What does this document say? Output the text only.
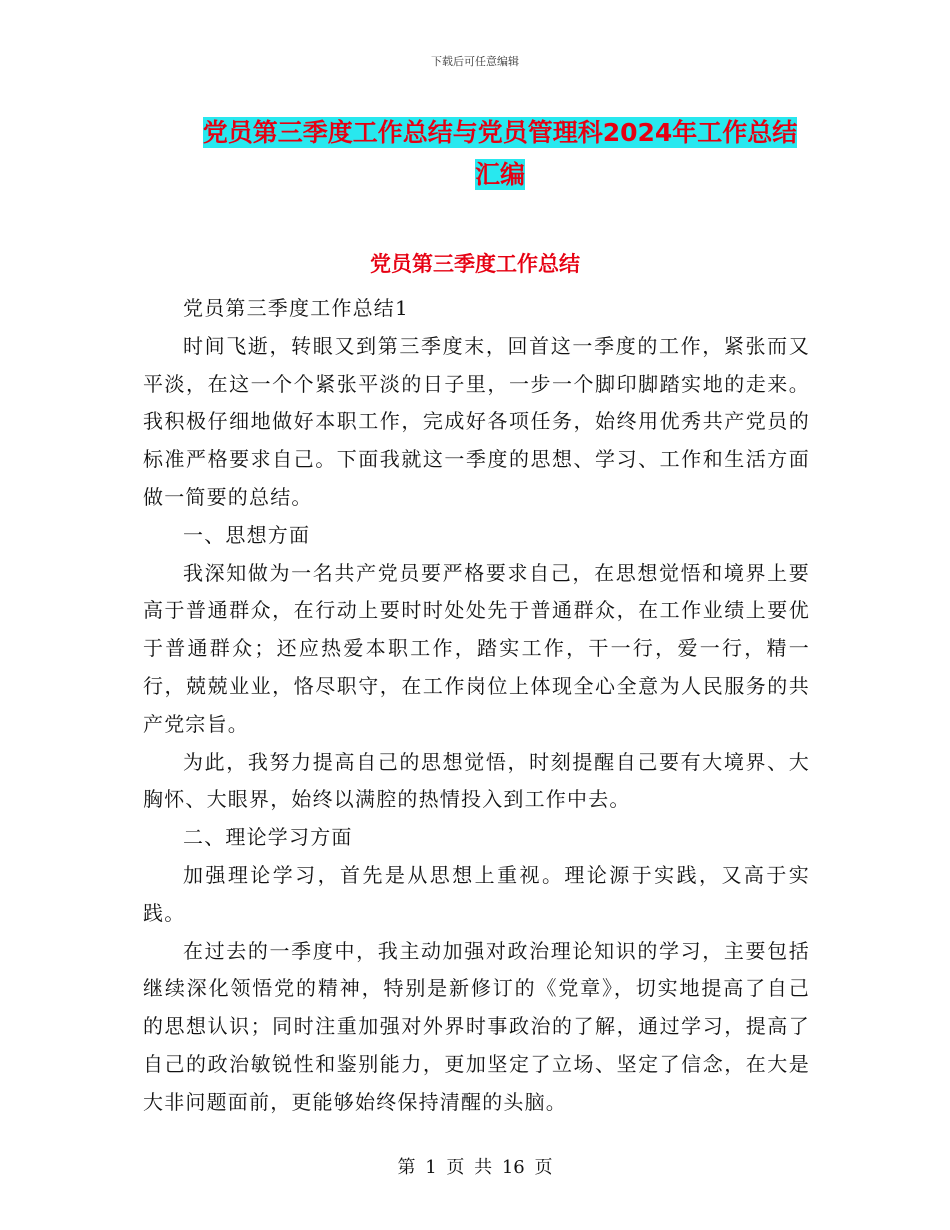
下载后可任意编辑
党员第三季度工作总结与党员管理科2024年工作总结
汇编
党员第三季度工作总结

党员第三季度工作总结1

时间飞逝，转眼又到第三季度末，回首这一季度的工作，紧张而又平淡，在这一个个紧张平淡的日子里，一步一个脚印脚踏实地的走来。我积极仔细地做好本职工作，完成好各项任务，始终用优秀共产党员的标准严格要求自己。下面我就这一季度的思想、学习、工作和生活方面做一简要的总结。

一、思想方面

我深知做为一名共产党员要严格要求自己，在思想觉悟和境界上要高于普通群众，在行动上要时时处处先于普通群众，在工作业绩上要优于普通群众；还应热爱本职工作，踏实工作，干一行，爱一行，精一行，兢兢业业，恪尽职守，在工作岗位上体现全心全意为人民服务的共产党宗旨。

为此，我努力提高自己的思想觉悟，时刻提醒自己要有大境界、大胸怀、大眼界，始终以满腔的热情投入到工作中去。

二、理论学习方面

加强理论学习，首先是从思想上重视。理论源于实践，又高于实践。

在过去的一季度中，我主动加强对政治理论知识的学习，主要包括继续深化领悟党的精神，特别是新修订的《党章》，切实地提高了自己的思想认识；同时注重加强对外界时事政治的了解，通过学习，提高了自己的政治敏锐性和鉴别能力，更加坚定了立场、坚定了信念，在大是大非问题面前，更能够始终保持清醒的头脑。

第 1 页 共 16 页
